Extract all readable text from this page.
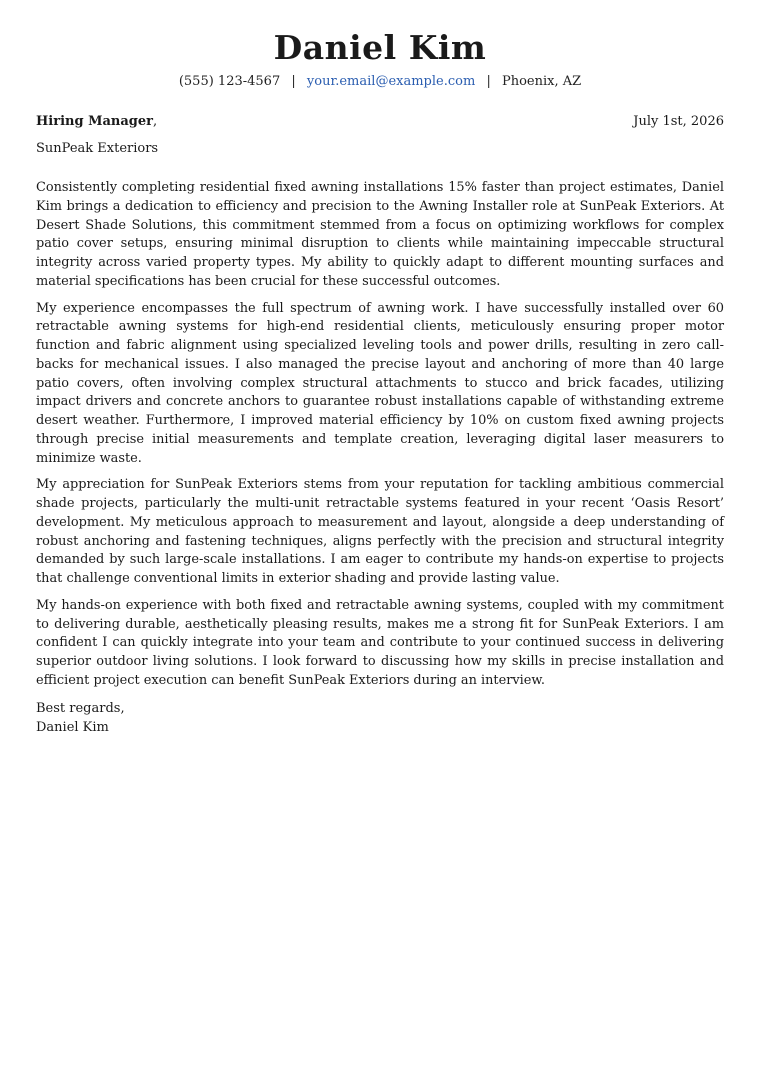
Daniel Kim
(555) 123-4567 | your.email@example.com | Phoenix, AZ
Hiring Manager,	July 1st, 2026
SunPeak Exteriors

Consistently completing residential fixed awning installations 15% faster than project estimates, Daniel Kim brings a dedication to efficiency and precision to the Awning Installer role at SunPeak Exteriors. At Desert Shade Solutions, this commitment stemmed from a focus on optimizing workflows for complex patio cover setups, ensuring minimal disruption to clients while maintaining impeccable structural integrity across varied property types. My ability to quickly adapt to different mounting surfaces and material specifications has been crucial for these successful outcomes.

My experience encompasses the full spectrum of awning work. I have successfully installed over 60 retractable awning systems for high-end residential clients, meticulously ensuring proper motor function and fabric alignment using specialized leveling tools and power drills, resulting in zero call-backs for mechanical issues. I also managed the precise layout and anchoring of more than 40 large patio covers, often involving complex structural attachments to stucco and brick facades, utilizing impact drivers and concrete anchors to guarantee robust installations capable of withstanding extreme desert weather. Furthermore, I improved material efficiency by 10% on custom fixed awning projects through precise initial measurements and template creation, leveraging digital laser measurers to minimize waste.

My appreciation for SunPeak Exteriors stems from your reputation for tackling ambitious commercial shade projects, particularly the multi-unit retractable systems featured in your recent ‘Oasis Resort’ development. My meticulous approach to measurement and layout, alongside a deep understanding of robust anchoring and fastening techniques, aligns perfectly with the precision and structural integrity demanded by such large-scale installations. I am eager to contribute my hands-on expertise to projects that challenge conventional limits in exterior shading and provide lasting value.

My hands-on experience with both fixed and retractable awning systems, coupled with my commitment to delivering durable, aesthetically pleasing results, makes me a strong fit for SunPeak Exteriors. I am confident I can quickly integrate into your team and contribute to your continued success in delivering superior outdoor living solutions. I look forward to discussing how my skills in precise installation and efficient project execution can benefit SunPeak Exteriors during an interview.

Best regards,
Daniel Kim
